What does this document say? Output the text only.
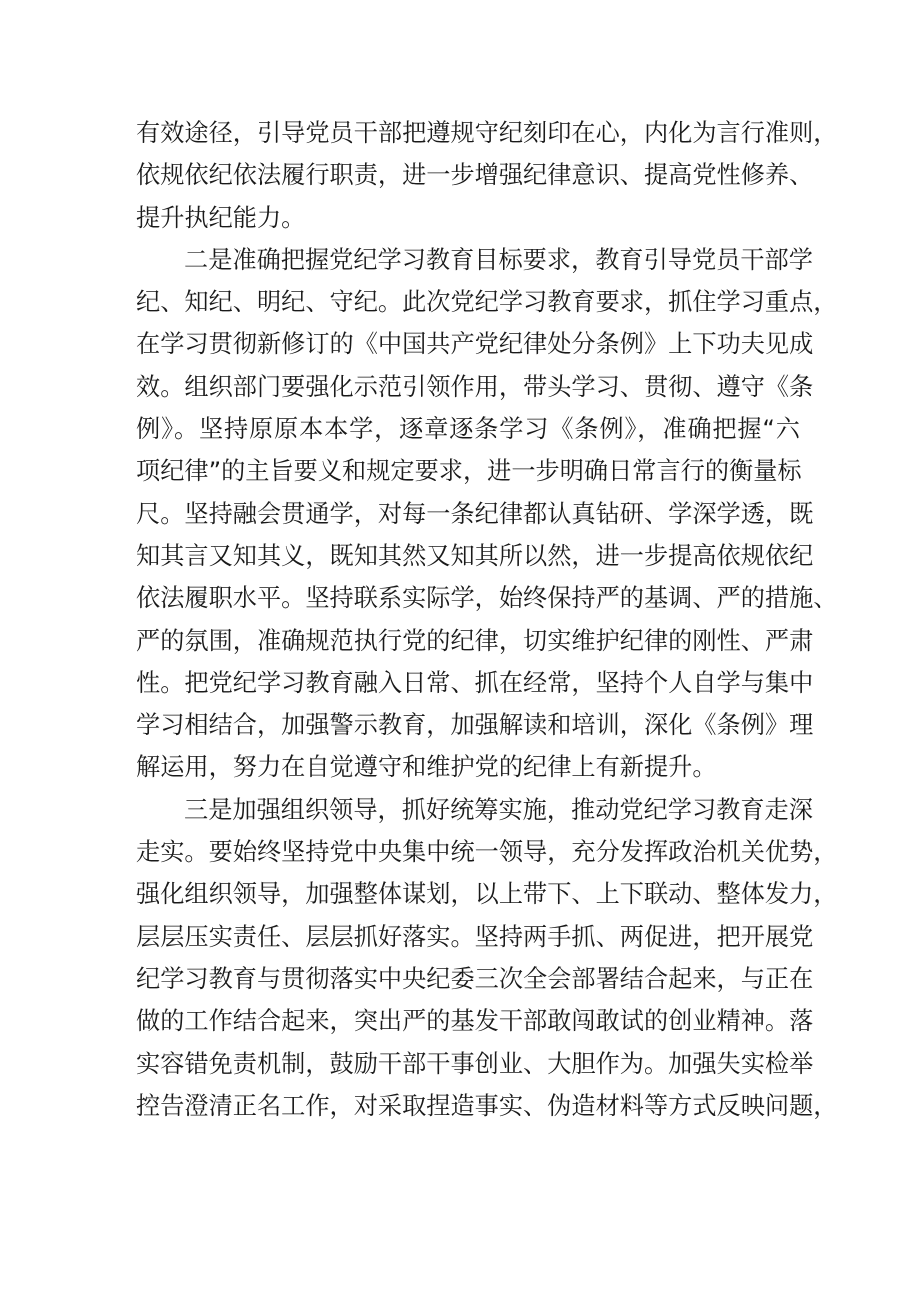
有效途径，引导党员干部把遵规守纪刻印在心，内化为言行准则，
依规依纪依法履行职责，进一步增强纪律意识、提高党性修养、
提升执纪能力。
二是准确把握党纪学习教育目标要求，教育引导党员干部学
纪、知纪、明纪、守纪。此次党纪学习教育要求，抓住学习重点，
在学习贯彻新修订的《中国共产党纪律处分条例》上下功夫见成
效。组织部门要强化示范引领作用，带头学习、贯彻、遵守《条
例》。坚持原原本本学，逐章逐条学习《条例》，准确把握“六
项纪律”的主旨要义和规定要求，进一步明确日常言行的衡量标
尺。坚持融会贯通学，对每一条纪律都认真钻研、学深学透，既
知其言又知其义，既知其然又知其所以然，进一步提高依规依纪
依法履职水平。坚持联系实际学，始终保持严的基调、严的措施、
严的氛围，准确规范执行党的纪律，切实维护纪律的刚性、严肃
性。把党纪学习教育融入日常、抓在经常，坚持个人自学与集中
学习相结合，加强警示教育，加强解读和培训，深化《条例》理
解运用，努力在自觉遵守和维护党的纪律上有新提升。
三是加强组织领导，抓好统筹实施，推动党纪学习教育走深
走实。要始终坚持党中央集中统一领导，充分发挥政治机关优势，
强化组织领导，加强整体谋划，以上带下、上下联动、整体发力，
层层压实责任、层层抓好落实。坚持两手抓、两促进，把开展党
纪学习教育与贯彻落实中央纪委三次全会部署结合起来，与正在
做的工作结合起来，突出严的基发干部敢闯敢试的创业精神。落
实容错免责机制，鼓励干部干事创业、大胆作为。加强失实检举
控告澄清正名工作，对采取捏造事实、伪造材料等方式反映问题，
